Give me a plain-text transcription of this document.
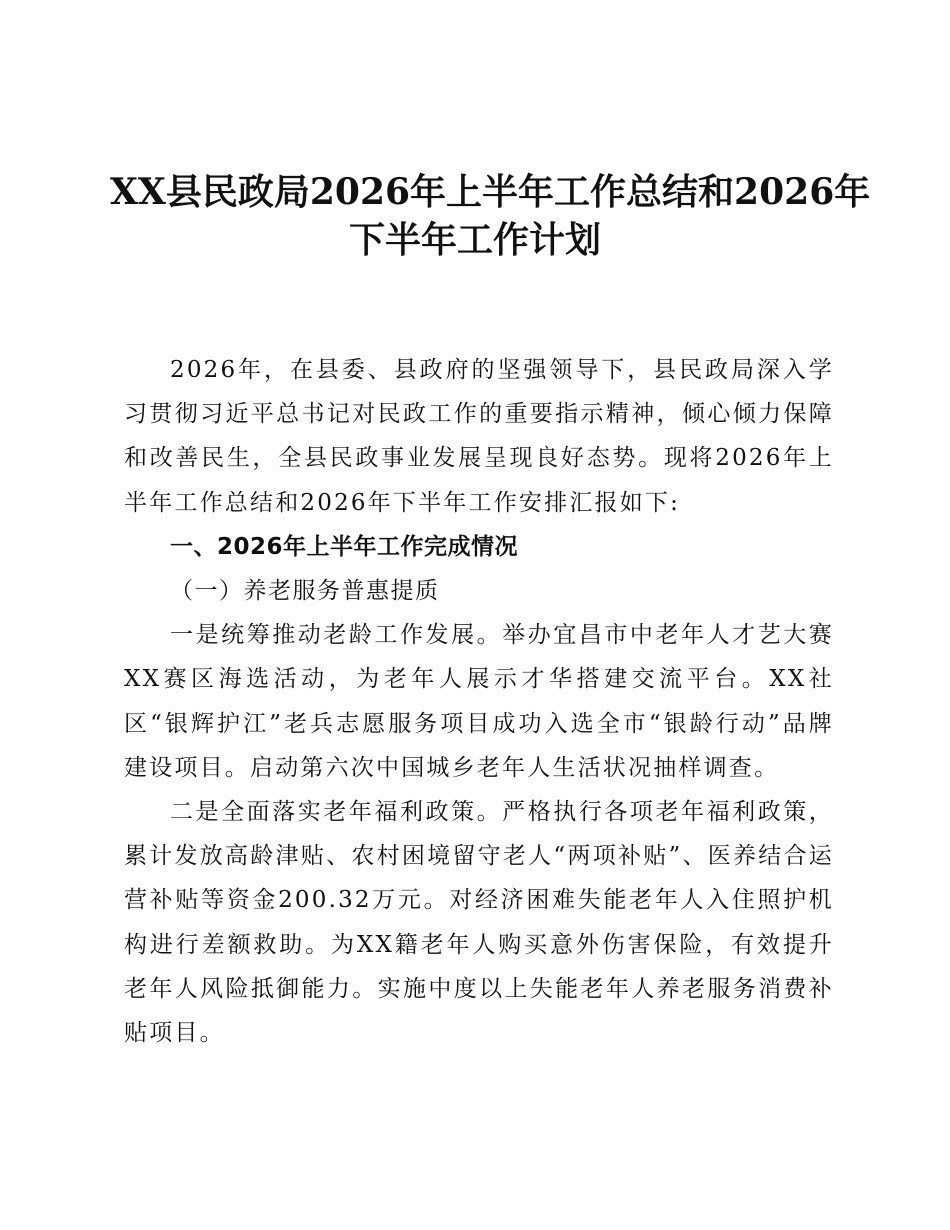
XX县民政局2026年上半年工作总结和2026年
下半年工作计划

2026年，在县委、县政府的坚强领导下，县民政局深入学习贯彻习近平总书记对民政工作的重要指示精神，倾心倾力保障和改善民生，全县民政事业发展呈现良好态势。现将2026年上半年工作总结和2026年下半年工作安排汇报如下:

一、2026年上半年工作完成情况

（一）养老服务普惠提质

一是统筹推动老龄工作发展。举办宜昌市中老年人才艺大赛XX赛区海选活动，为老年人展示才华搭建交流平台。XX社区“银辉护江”老兵志愿服务项目成功入选全市“银龄行动”品牌建设项目。启动第六次中国城乡老年人生活状况抽样调查。

二是全面落实老年福利政策。严格执行各项老年福利政策，累计发放高龄津贴、农村困境留守老人“两项补贴”、医养结合运营补贴等资金200.32万元。对经济困难失能老年人入住照护机构进行差额救助。为XX籍老年人购买意外伤害保险，有效提升老年人风险抵御能力。实施中度以上失能老年人养老服务消费补贴项目。
